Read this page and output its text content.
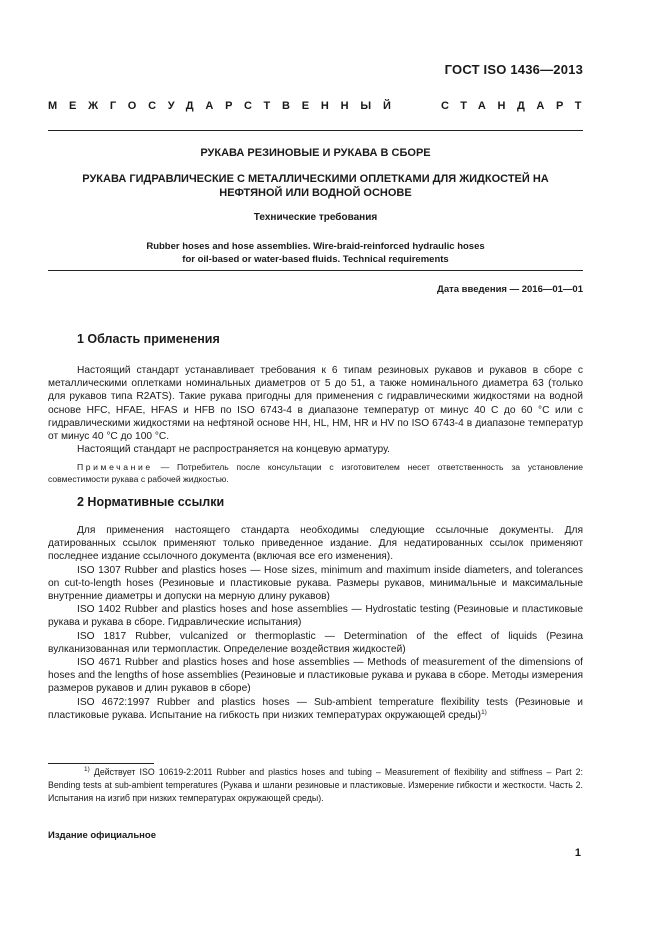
ГОСТ ISO 1436—2013
МЕЖГОСУДАРСТВЕННЫЙ	СТАНДАРТ
РУКАВА РЕЗИНОВЫЕ И РУКАВА В СБОРЕ
РУКАВА ГИДРАВЛИЧЕСКИЕ С МЕТАЛЛИЧЕСКИМИ ОПЛЕТКАМИ ДЛЯ ЖИДКОСТЕЙ НА
НЕФТЯНОЙ ИЛИ ВОДНОЙ ОСНОВЕ
Технические требования
Rubber hoses and hose assemblies. Wire-braid-reinforced hydraulic hoses
for oil-based or water-based fluids. Technical requirements
Дата введения — 2016—01—01
1 Область применения

Настоящий стандарт устанавливает требования к 6 типам резиновых рукавов и рукавов в сборе с металлическими оплетками номинальных диаметров от 5 до 51, а также номинального диаметра 63 (только для рукавов типа R2ATS). Такие рукава пригодны для применения с гидравлическими жидкостями на водной основе HFC, HFAE, HFAS и HFB по ISO 6743-4 в диапазоне температур от минус 40 С до 60 °С или с гидравлическими жидкостями на нефтяной основе НН, HL, НМ, HR и HV по ISO 6743-4 в диапазоне температур от минус 40 °С до 100 °С.

Настоящий стандарт не распространяется на концевую арматуру.

Примечание — Потребитель после консультации с изготовителем несет ответственность за установление совместимости рукава с рабочей жидкостью.

2 Нормативные ссылки

Для применения настоящего стандарта необходимы следующие ссылочные документы. Для датированных ссылок применяют только приведенное издание. Для недатированных ссылок применяют последнее издание ссылочного документа (включая все его изменения).

ISO 1307 Rubber and plastics hoses — Hose sizes, minimum and maximum inside diameters, and tolerances on cut-to-length hoses (Резиновые и пластиковые рукава. Размеры рукавов, минимальные и максимальные внутренние диаметры и допуски на мерную длину рукавов)

ISO 1402 Rubber and plastics hoses and hose assemblies — Hydrostatic testing (Резиновые и пластиковые рукава и рукава в сборе. Гидравлические испытания)

ISO 1817 Rubber, vulcanized or thermoplastic — Determination of the effect of liquids (Резина вулканизованная или термопластик. Определение воздействия жидкостей)

ISO 4671 Rubber and plastics hoses and hose assemblies — Methods of measurement of the dimensions of hoses and the lengths of hose assemblies (Резиновые и пластиковые рукава и рукава в сборе. Методы измерения размеров рукавов и длин рукавов в сборе)

ISO 4672:1997 Rubber and plastics hoses — Sub-ambient temperature flexibility tests (Резиновые и пластиковые рукава. Испытание на гибкость при низких температурах окружающей среды)$^{1)}$

$^{1)}$ Действует ISO 10619-2:2011 Rubber and plastics hoses and tubing – Measurement of flexibility and stiffness – Part 2: Bending tests at sub-ambient temperatures (Рукава и шланги резиновые и пластиковые. Измерение гибкости и жесткости. Часть 2. Испытания на изгиб при низких температурах окружающей среды).

Издание официальное
1
